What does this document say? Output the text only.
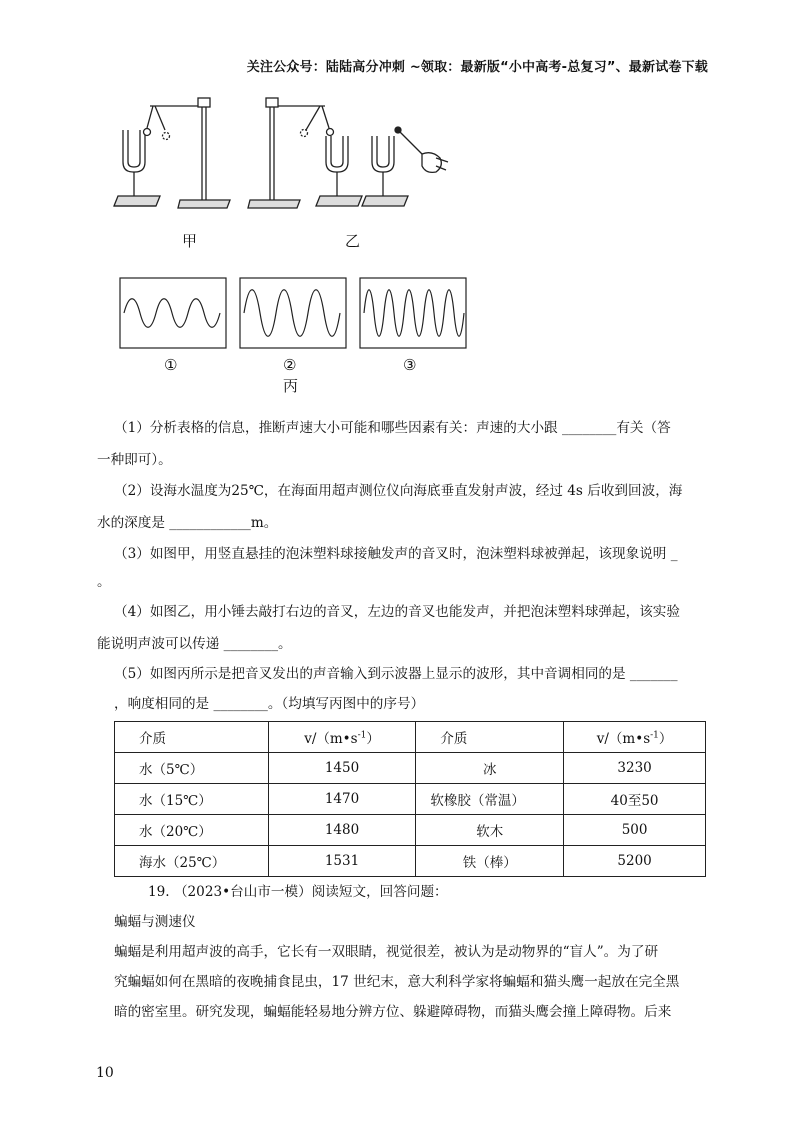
关注公众号：陆陆高分冲刺 ~领取：最新版“小中高考-总复习”、最新试卷下载
甲	乙
①	②	③
丙
（1）分析表格的信息，推断声速大小可能和哪些因素有关：声速的大小跟 ________有关（答
一种即可）。
（2）设海水温度为25℃，在海面用超声测位仪向海底垂直发射声波，经过 4s 后收到回波，海
水的深度是 ____________m。
（3）如图甲，用竖直悬挂的泡沫塑料球接触发声的音叉时，泡沫塑料球被弹起，该现象说明 _
。
（4）如图乙，用小锤去敲打右边的音叉，左边的音叉也能发声，并把泡沫塑料球弹起，该实验
能说明声波可以传递 ________。
（5）如图丙所示是把音叉发出的声音输入到示波器上显示的波形，其中音调相同的是 _______
，响度相同的是 ________。（均填写丙图中的序号）
介质	$v/(m•s^{-1})$	介质	$v/(m•s^{-1})$
水（5℃）	1450	冰	3230
水（15℃）	1470	软橡胶（常温）	40至50
水（20℃）	1480	软木	500
海水（25℃）	1531	铁（棒）	5200
19. （2023•台山市一模）阅读短文，回答问题：
蝙蝠与测速仪
蝙蝠是利用超声波的高手，它长有一双眼睛，视觉很差，被认为是动物界的“盲人”。为了研
究蝙蝠如何在黑暗的夜晚捕食昆虫，17 世纪末，意大利科学家将蝙蝠和猫头鹰一起放在完全黑
暗的密室里。研究发现，蝙蝠能轻易地分辨方位、躲避障碍物，而猫头鹰会撞上障碍物。后来
10
